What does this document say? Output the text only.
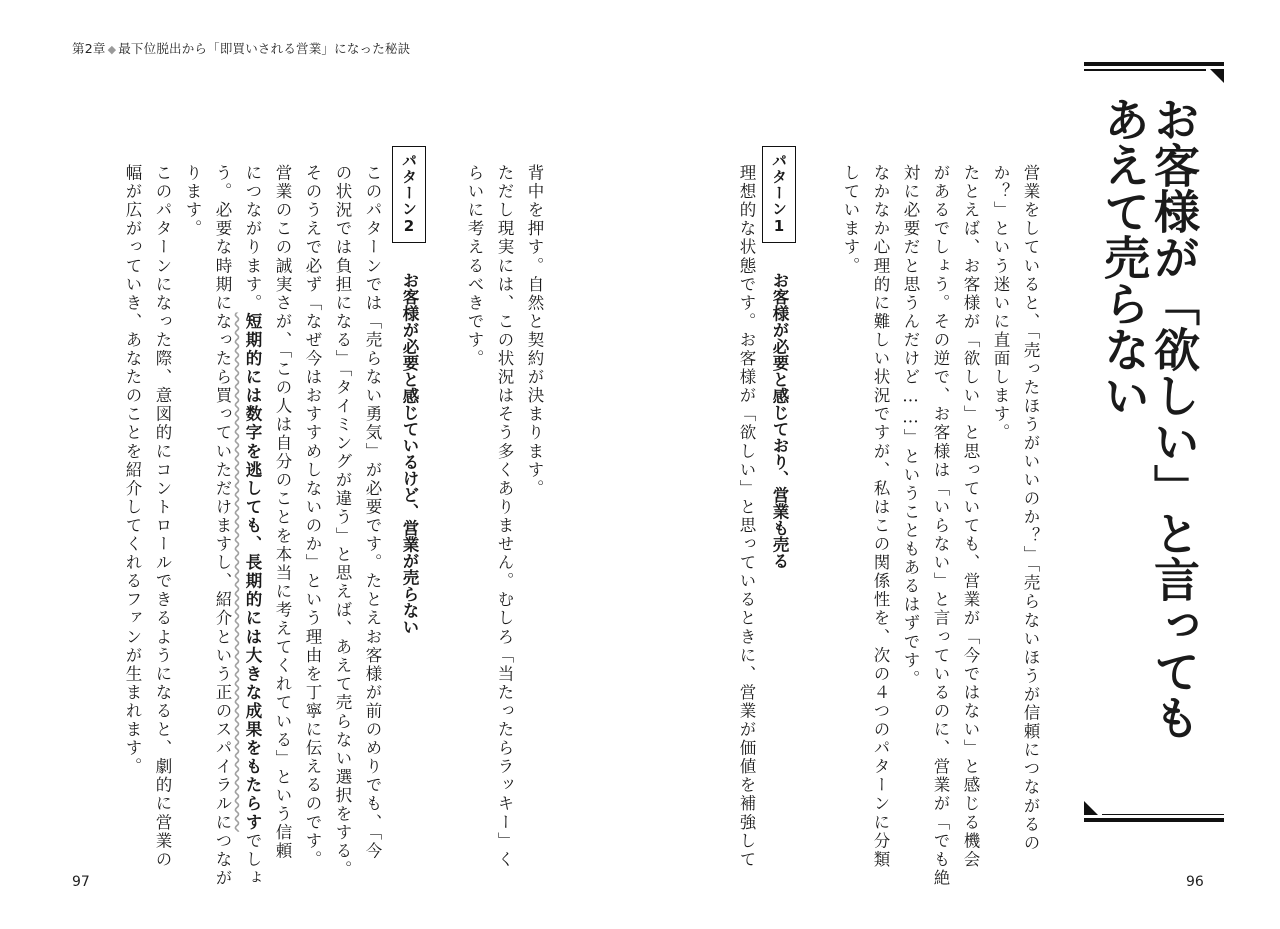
第2章 ◆ 最下位脱出から「即買いされる営業」になった秘訣
97	96
お客様が「欲しい」と言っても
あえて売らない
営業をしていると、「売ったほうがいいのか？」「売らないほうが信頼につながるの
か？」という迷いに直面します。
たとえば、お客様が「欲しい」と思っていても、営業が「今ではない」と感じる機会
があるでしょう。その逆で、お客様は「いらない」と言っているのに、営業が「でも絶
対に必要だと思うんだけど……」ということもあるはずです。
なかなか心理的に難しい状況ですが、私はこの関係性を、次の４つのパターンに分類
しています。
パターン1 お客様が必要と感じており、営業も売る
理想的な状態です。お客様が「欲しい」と思っているときに、営業が価値を補強して
背中を押す。自然と契約が決まります。
ただし現実には、この状況はそう多くありません。むしろ「当たったらラッキー」く
らいに考えるべきです。
パターン2 お客様が必要と感じているけど、営業が売らない
このパターンでは「売らない勇気」が必要です。たとえお客様が前のめりでも、「今
の状況では負担になる」「タイミングが違う」と思えば、あえて売らない選択をする。
そのうえで必ず「なぜ今はおすすめしないのか」という理由を丁寧に伝えるのです。
営業のこの誠実さが、「この人は自分のことを本当に考えてくれている」という信頼
につながります。短期的には数字を逃しても、長期的には大きな成果をもたらすでしょ
う。必要な時期になったら買っていただけますし、紹介という正のスパイラルにつなが
ります。
このパターンになった際、意図的にコントロールできるようになると、劇的に営業の
幅が広がっていき、あなたのことを紹介してくれるファンが生まれます。
